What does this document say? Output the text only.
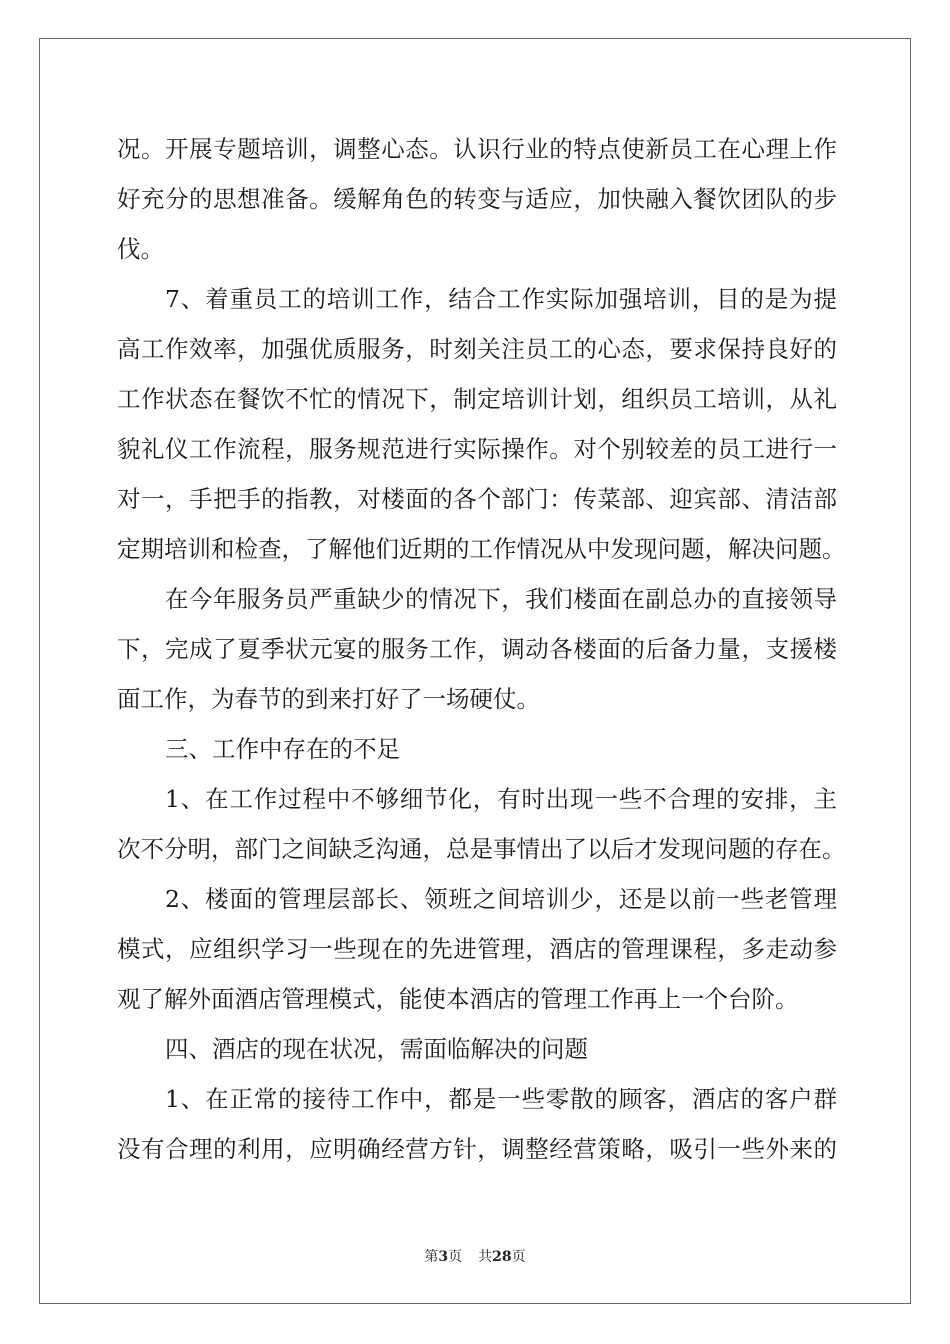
况。开展专题培训，调整心态。认识行业的特点使新员工在心理上作
好充分的思想准备。缓解角色的转变与适应，加快融入餐饮团队的步
伐。
7、着重员工的培训工作，结合工作实际加强培训，目的是为提
高工作效率，加强优质服务，时刻关注员工的心态，要求保持良好的
工作状态在餐饮不忙的情况下，制定培训计划，组织员工培训，从礼
貌礼仪工作流程，服务规范进行实际操作。对个别较差的员工进行一
对一，手把手的指教，对楼面的各个部门：传菜部、迎宾部、清洁部
定期培训和检查，了解他们近期的工作情况从中发现问题，解决问题。
在今年服务员严重缺少的情况下，我们楼面在副总办的直接领导
下，完成了夏季状元宴的服务工作，调动各楼面的后备力量，支援楼
面工作，为春节的到来打好了一场硬仗。
三、工作中存在的不足
1、在工作过程中不够细节化，有时出现一些不合理的安排，主
次不分明，部门之间缺乏沟通，总是事情出了以后才发现问题的存在。
2、楼面的管理层部长、领班之间培训少，还是以前一些老管理
模式，应组织学习一些现在的先进管理，酒店的管理课程，多走动参
观了解外面酒店管理模式，能使本酒店的管理工作再上一个台阶。
四、酒店的现在状况，需面临解决的问题
1、在正常的接待工作中，都是一些零散的顾客，酒店的客户群
没有合理的利用，应明确经营方针，调整经营策略，吸引一些外来的
第3页 共28页
